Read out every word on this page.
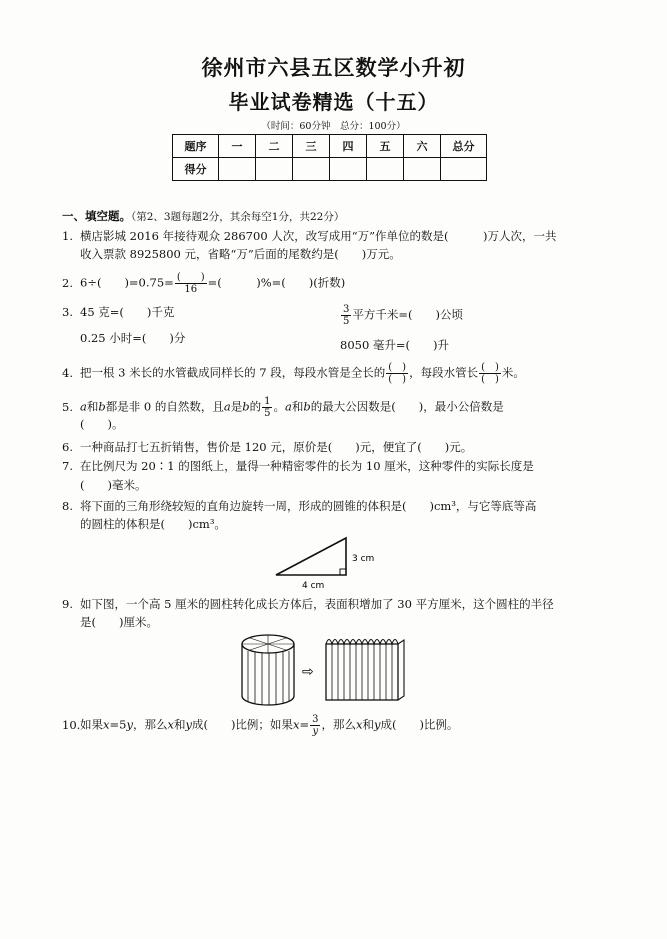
徐州市六县五区数学小升初
毕业试卷精选（十五）
（时间：60分钟　总分：100分）
题序	一	二	三	四	五	六	总分
得分							
一、填空题。（第2、3题每题2分，其余每空1分，共22分）
1. 横店影城 2016 年接待观众 286700 人次，改写成用“万”作单位的数是(　　　)万人次，一共
收入票款 8925800 元，省略“万”后面的尾数约是(　　)万元。
2. 6÷(　　)$=0.75= \frac{( )}{16}$ =(　　　)%=(　　)(折数)
3. 45 克=(　　)千克
0.25 小时=(　　)分
$\frac{3}{5}$ 平方千米=(　　)公顷
8050 毫升=(　　)升
4. 把一根 3 米长的水管截成同样长的 7 段，每段水管是全长的 $\frac{( )}{( )}$ ，每段水管长 $\frac{( )}{( )}$ 米。
5. a和b都是非 0 的自然数，且a是b的 $\frac{1}{5}$ 。a和b的最大公因数是(　　)，最小公倍数是
(　　)。
6. 一种商品打七五折销售，售价是 120 元，原价是(　　)元，便宜了(　　)元。
7. 在比例尺为 20∶1 的图纸上，量得一种精密零件的长为 10 厘米，这种零件的实际长度是
(　　)毫米。
8. 将下面的三角形绕较短的直角边旋转一周，形成的圆锥的体积是(　　)cm³，与它等底等高
的圆柱的体积是(　　)cm³。
3 cm
4 cm
9. 如下图，一个高 5 厘米的圆柱转化成长方体后，表面积增加了 30 平方厘米，这个圆柱的半径
是(　　)厘米。
⇨
10.如果x=5y，那么x和y成(　　)比例；如果$x= \frac{3}{y}$ ，那么x和y成(　　)比例。
